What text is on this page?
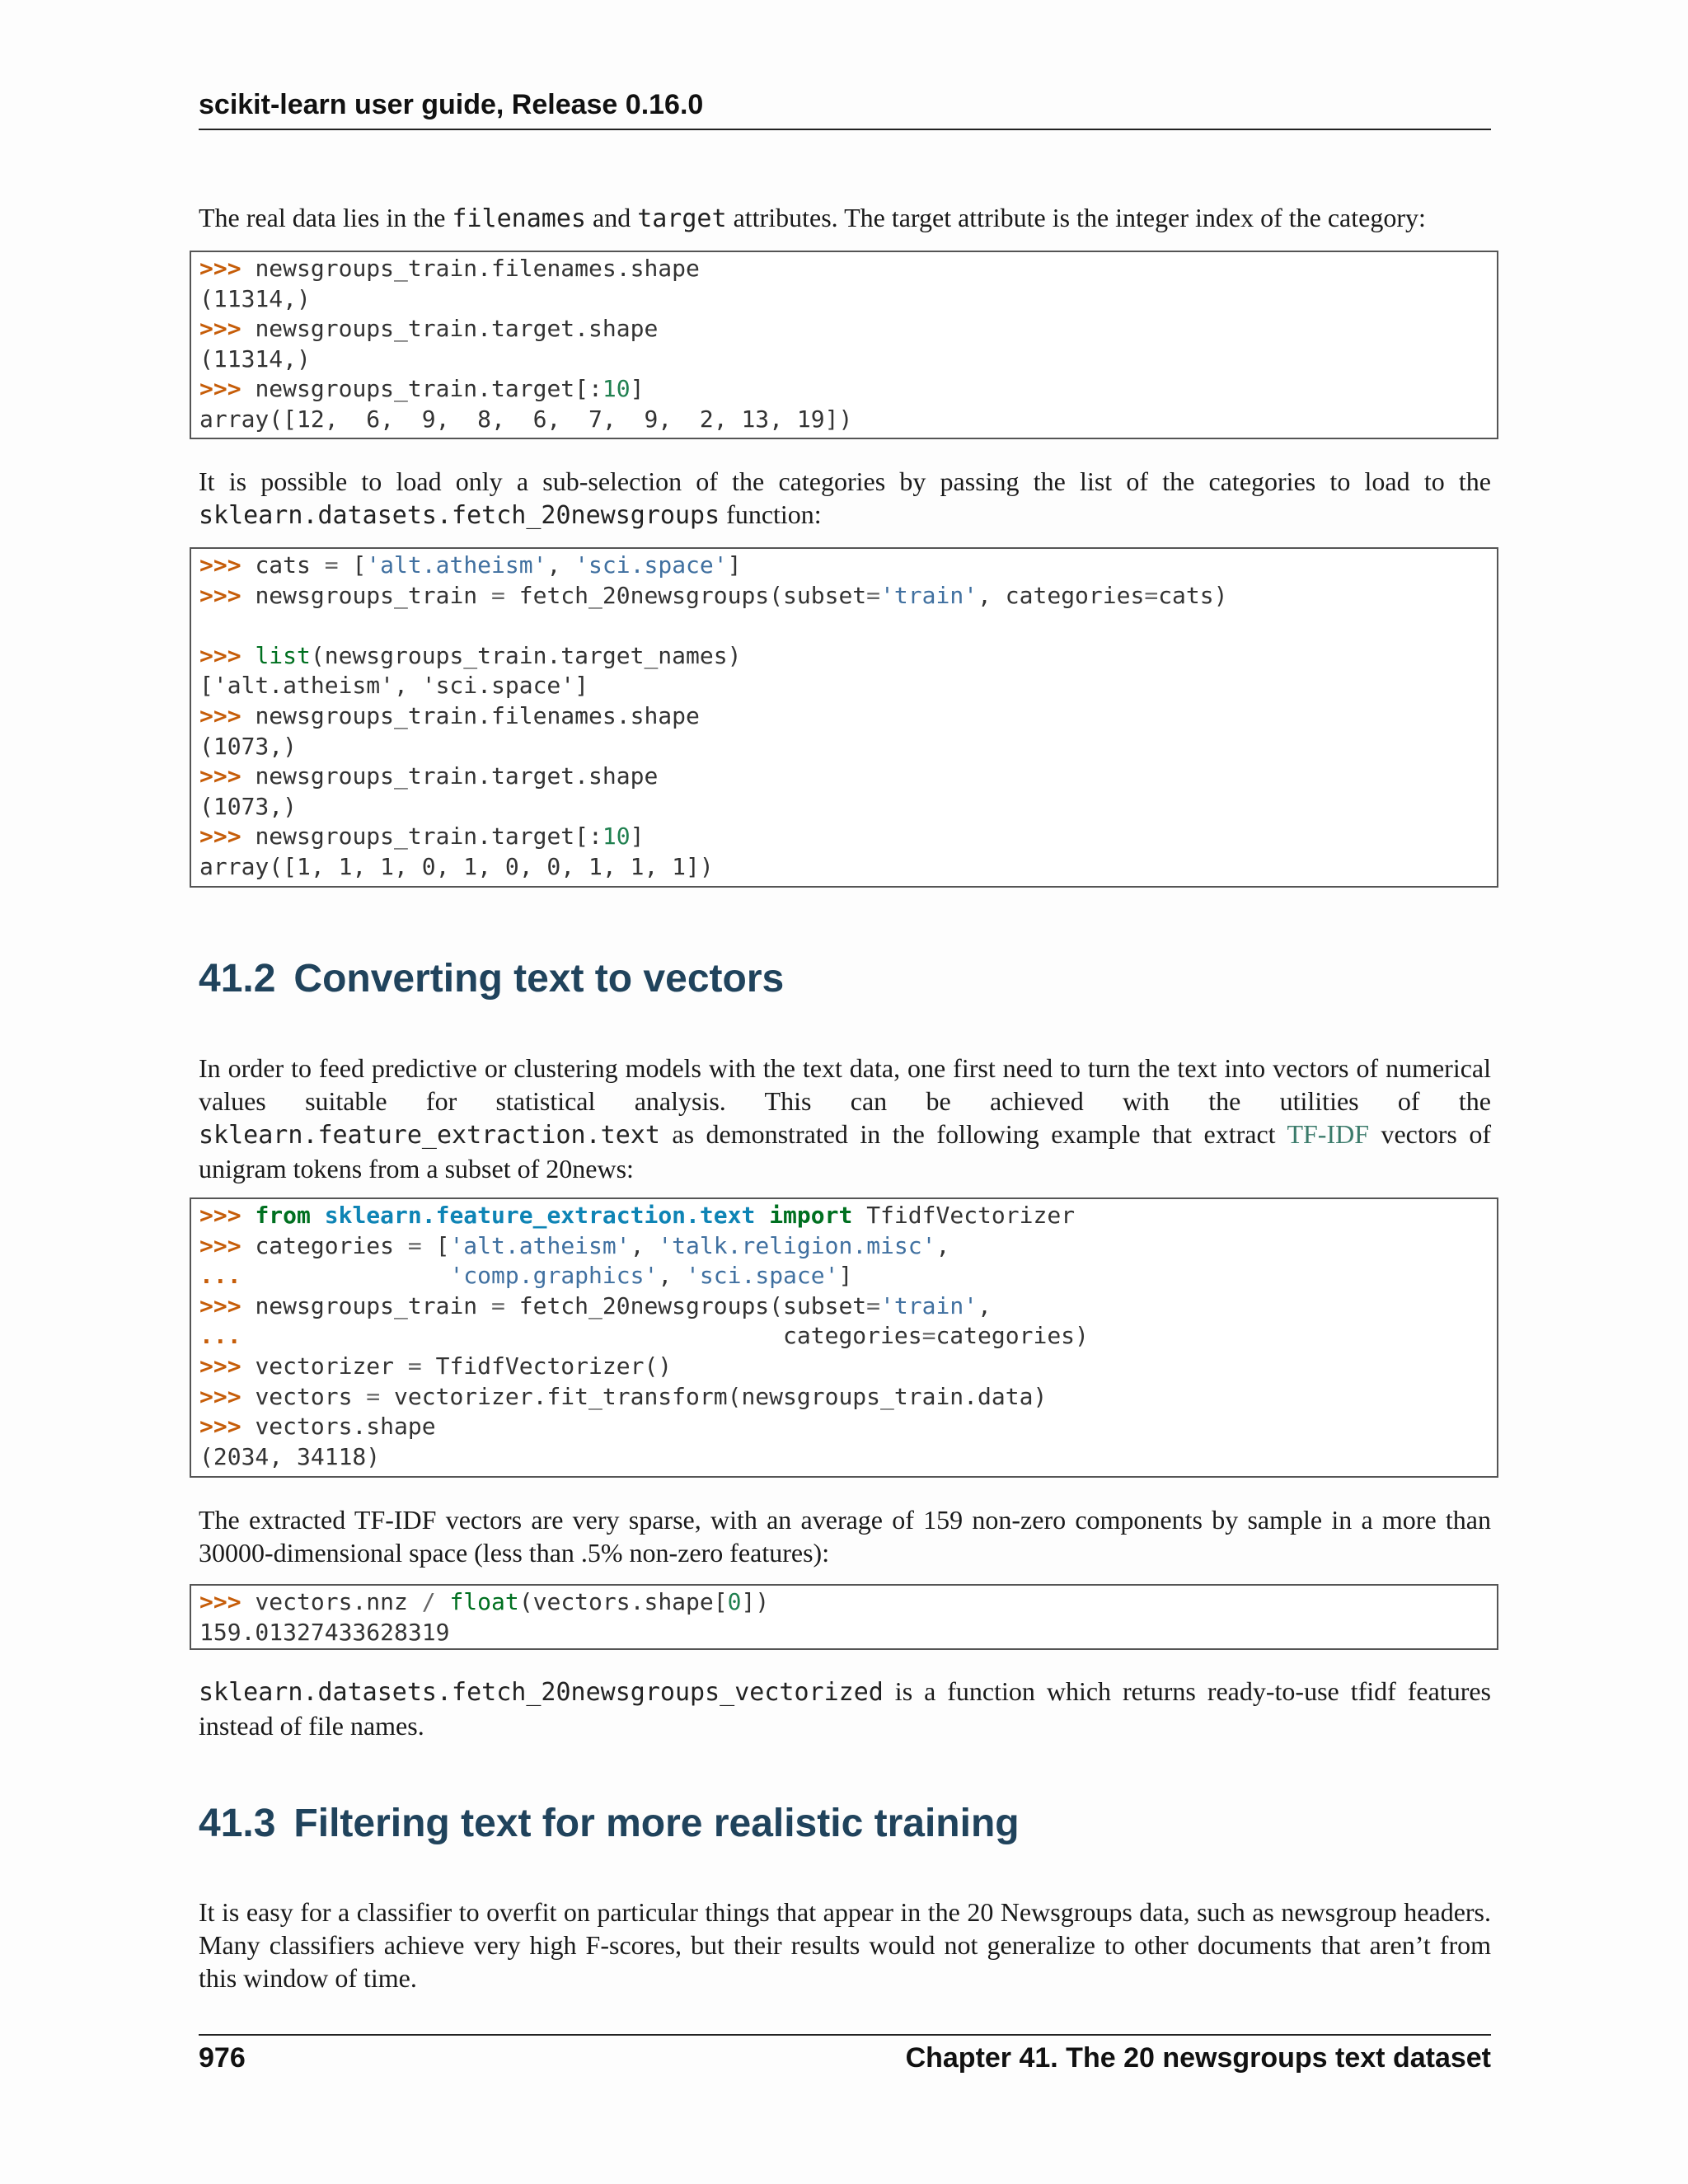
scikit-learn user guide, Release 0.16.0
The real data lies in the filenames and target attributes. The target attribute is the integer index of the category:
>>> newsgroups_train.filenames.shape
(11314,)
>>> newsgroups_train.target.shape
(11314,)
>>> newsgroups_train.target[:10]
array([12,  6,  9,  8,  6,  7,  9,  2, 13, 19])
It is possible to load only a sub-selection of the categories by passing the list of the categories to load to the sklearn.datasets.fetch_20newsgroups function:
>>> cats = ['alt.atheism', 'sci.space']
>>> newsgroups_train = fetch_20newsgroups(subset='train', categories=cats)
>>> list(newsgroups_train.target_names)
['alt.atheism', 'sci.space']
>>> newsgroups_train.filenames.shape
(1073,)
>>> newsgroups_train.target.shape
(1073,)
>>> newsgroups_train.target[:10]
array([1, 1, 1, 0, 1, 0, 0, 1, 1, 1])
41.2 Converting text to vectors
In order to feed predictive or clustering models with the text data, one first need to turn the text into vectors of numerical values suitable for statistical analysis. This can be achieved with the utilities of the sklearn.feature_extraction.text as demonstrated in the following example that extract TF-IDF vectors of unigram tokens from a subset of 20news:
>>> from sklearn.feature_extraction.text import TfidfVectorizer
>>> categories = ['alt.atheism', 'talk.religion.misc',
...	'comp.graphics', 'sci.space']
>>> newsgroups_train = fetch_20newsgroups(subset='train',
...                                       categories=categories)
>>> vectorizer = TfidfVectorizer()
>>> vectors = vectorizer.fit_transform(newsgroups_train.data)
>>> vectors.shape
(2034, 34118)
The extracted TF-IDF vectors are very sparse, with an average of 159 non-zero components by sample in a more than 30000-dimensional space (less than .5% non-zero features):
>>> vectors.nnz / float(vectors.shape[0])
159.01327433628319
sklearn.datasets.fetch_20newsgroups_vectorized is a function which returns ready-to-use tfidf features instead of file names.
41.3 Filtering text for more realistic training
It is easy for a classifier to overfit on particular things that appear in the 20 Newsgroups data, such as newsgroup headers. Many classifiers achieve very high F-scores, but their results would not generalize to other documents that aren’t from this window of time.
976	Chapter 41. The 20 newsgroups text dataset
